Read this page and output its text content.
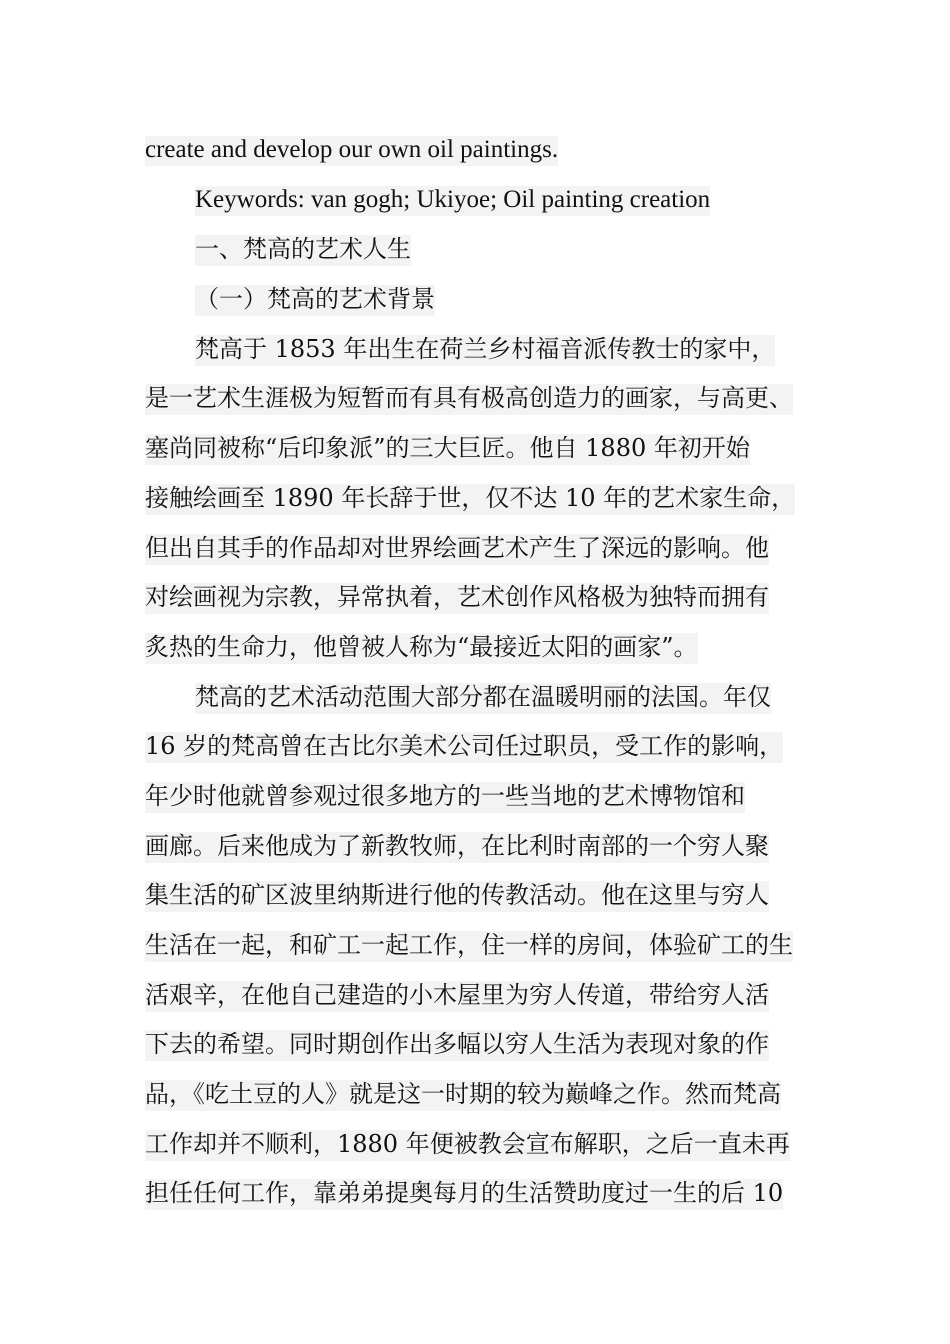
create and develop our own oil paintings.
Keywords: van gogh; Ukiyoe; Oil painting creation
一、梵高的艺术人生
（一）梵高的艺术背景
梵高于 1853 年出生在荷兰乡村福音派传教士的家中，
是一艺术生涯极为短暂而有具有极高创造力的画家，与高更、
塞尚同被称“后印象派”的三大巨匠。他自 1880 年初开始
接触绘画至 1890 年长辞于世，仅不达 10 年的艺术家生命，
但出自其手的作品却对世界绘画艺术产生了深远的影响。他
对绘画视为宗教，异常执着，艺术创作风格极为独特而拥有
炙热的生命力，他曾被人称为“最接近太阳的画家”。
梵高的艺术活动范围大部分都在温暖明丽的法国。年仅
16 岁的梵高曾在古比尔美术公司任过职员，受工作的影响，
年少时他就曾参观过很多地方的一些当地的艺术博物馆和
画廊。后来他成为了新教牧师，在比利时南部的一个穷人聚
集生活的矿区波里纳斯进行他的传教活动。他在这里与穷人
生活在一起，和矿工一起工作，住一样的房间，体验矿工的生
活艰辛，在他自己建造的小木屋里为穷人传道，带给穷人活
下去的希望。同时期创作出多幅以穷人生活为表现对象的作
品，《吃土豆的人》就是这一时期的较为巅峰之作。然而梵高
工作却并不顺利，1880 年便被教会宣布解职，之后一直未再
担任任何工作，靠弟弟提奥每月的生活赞助度过一生的后 10
